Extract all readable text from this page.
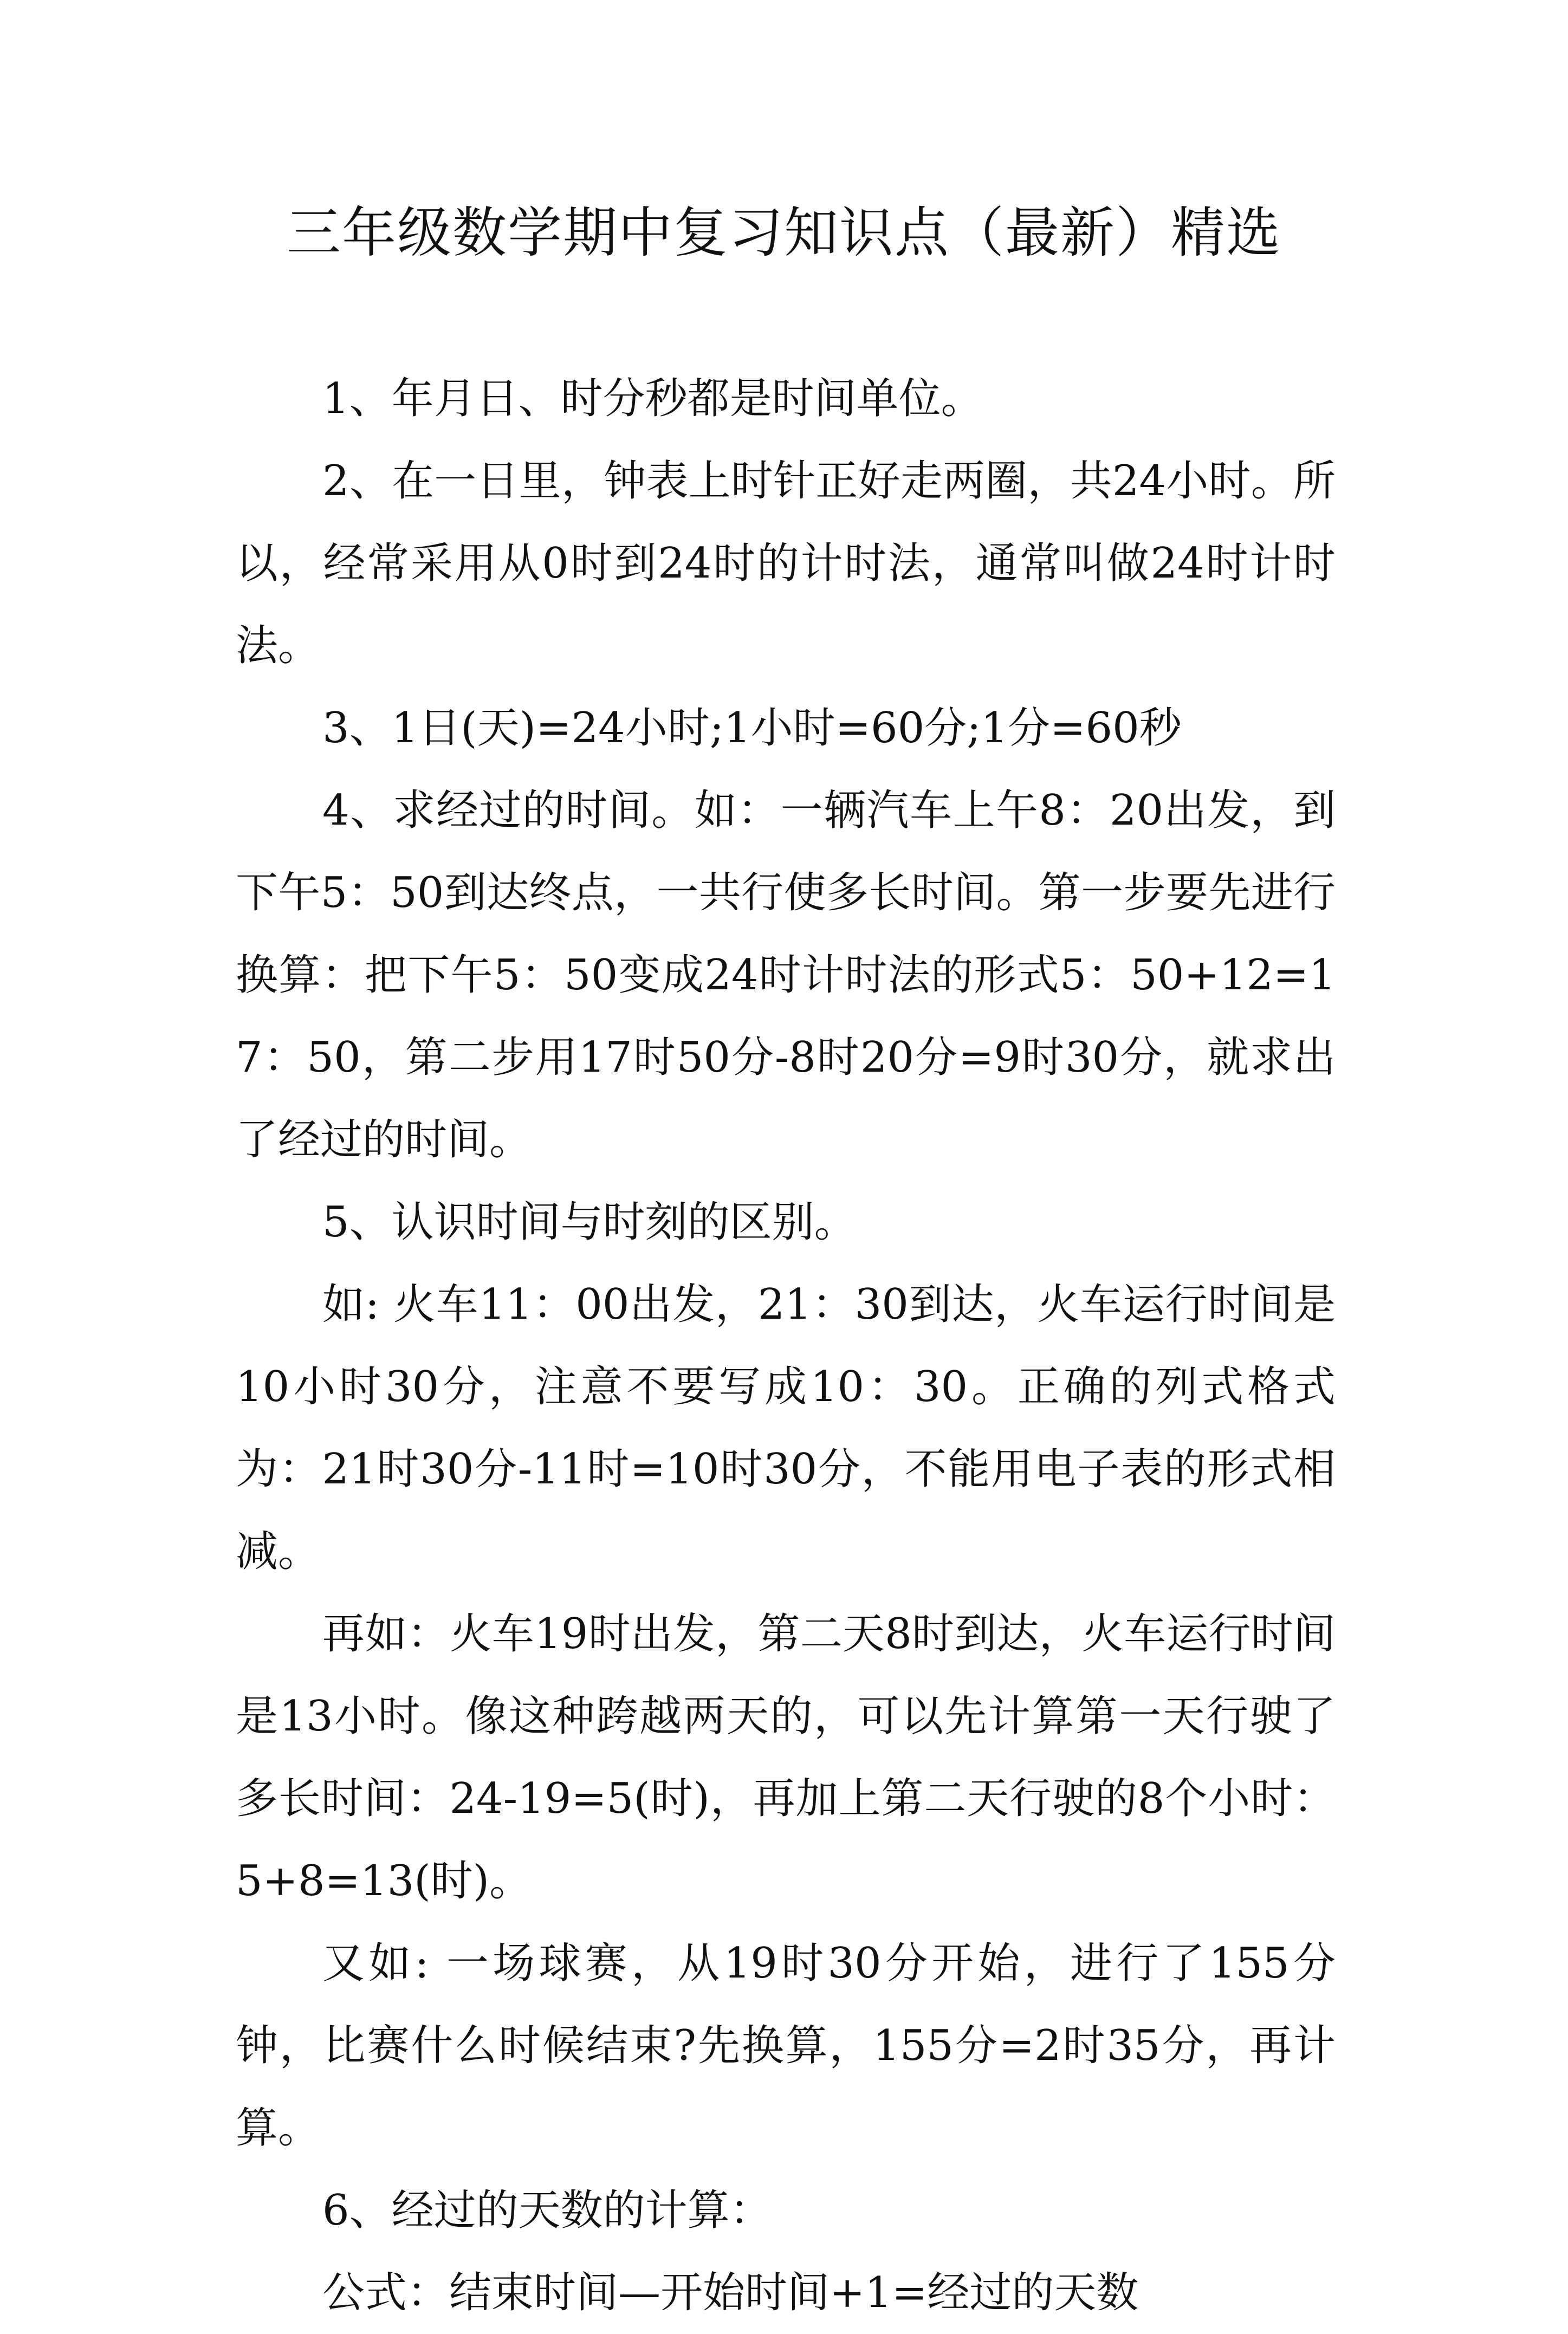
三年级数学期中复习知识点（最新）精选

1、年月日、时分秒都是时间单位。

2、在一日里，钟表上时针正好走两圈，共24小时。所以，经常采用从0时到24时的计时法，通常叫做24时计时法。

3、1日(天)=24小时;1小时=60分;1分=60秒

4、求经过的时间。如：一辆汽车上午8：20出发，到下午5：50到达终点，一共行使多长时间。第一步要先进行换算：把下午5：50变成24时计时法的形式5：50+12=17：50，第二步用17时50分-8时20分=9时30分，就求出了经过的时间。

5、认识时间与时刻的区别。

如: 火车11：00出发，21：30到达，火车运行时间是10小时30分，注意不要写成10：30。正确的列式格式为：21时30分-11时=10时30分，不能用电子表的形式相减。

再如：火车19时出发，第二天8时到达，火车运行时间是13小时。像这种跨越两天的，可以先计算第一天行驶了多长时间：24-19=5(时)，再加上第二天行驶的8个小时：5+8=13(时)。

又如: 一场球赛，从19时30分开始，进行了155分钟，比赛什么时候结束?先换算，155分=2时35分，再计算。

6、经过的天数的计算：

公式：结束时间—开始时间+1=经过的天数
